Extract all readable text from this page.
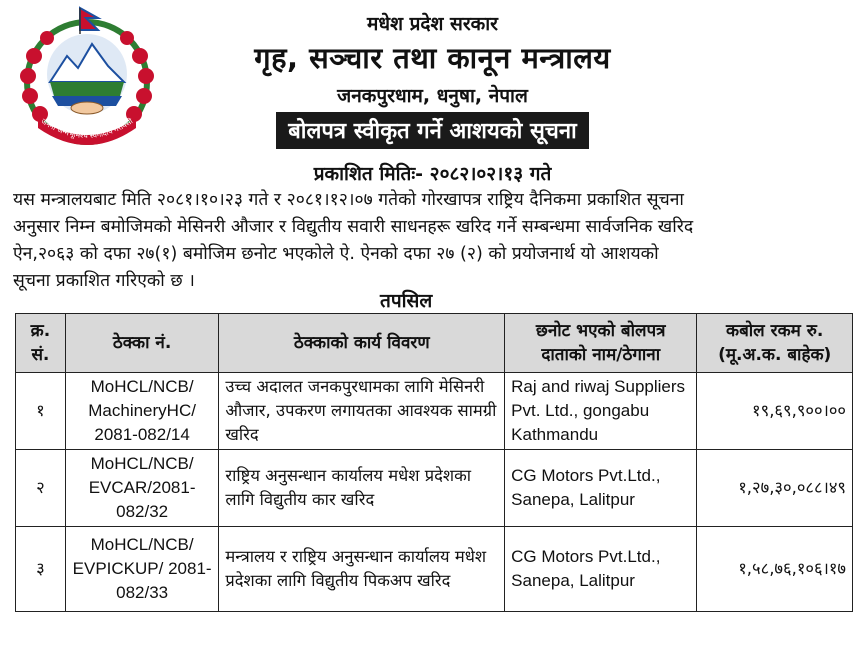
जननी जन्मभूमिश्च स्वर्गादपि गरीयसी
मधेश प्रदेश सरकार
गृह, सञ्चार तथा कानून मन्त्रालय
जनकपुरधाम, धनुषा, नेपाल
बोलपत्र स्वीकृत गर्ने आशयको सूचना
प्रकाशित मितिः- २०८२।०२।१३ गते
यस मन्त्रालयबाट मिति २०८१।१०।२३ गते र २०८१।१२।०७ गतेको गोरखापत्र राष्ट्रिय दैनिकमा प्रकाशित सूचना
अनुसार निम्न बमोजिमको मेसिनरी औजार र विद्युतीय सवारी साधनहरू खरिद गर्ने सम्बन्धमा सार्वजनिक खरिद
ऐन,२०६३ को दफा २७(१) बमोजिम छनोट भएकोले ऐ. ऐनको दफा २७ (२) को प्रयोजनार्थ यो आशयको
सूचना प्रकाशित गरिएको छ ।
तपसिल
क्र. सं.	ठेक्का नं.	ठेक्काको कार्य विवरण	छनोट भएको बोलपत्र दाताको नाम/ठेगाना	कबोल रकम रु. (मू.अ.क. बाहेक)
१	MoHCL/NCB/ MachineryHC/ 2081-082/14	उच्च अदालत जनकपुरधामका लागि मेसिनरी औजार, उपकरण लगायतका आवश्यक सामग्री खरिद	Raj and riwaj Suppliers Pvt. Ltd., gongabu Kathmandu	१९,६९,९००।००
२	MoHCL/NCB/ EVCAR/2081- 082/32	राष्ट्रिय अनुसन्धान कार्यालय मधेश प्रदेशका लागि विद्युतीय कार खरिद	CG Motors Pvt.Ltd., Sanepa, Lalitpur	१,२७,३०,०८८।४९
३	MoHCL/NCB/ EVPICKUP/ 2081-082/33	मन्त्रालय र राष्ट्रिय अनुसन्धान कार्यालय मधेश प्रदेशका लागि विद्युतीय पिकअप खरिद	CG Motors Pvt.Ltd., Sanepa, Lalitpur	१,५८,७६,१०६।१७
